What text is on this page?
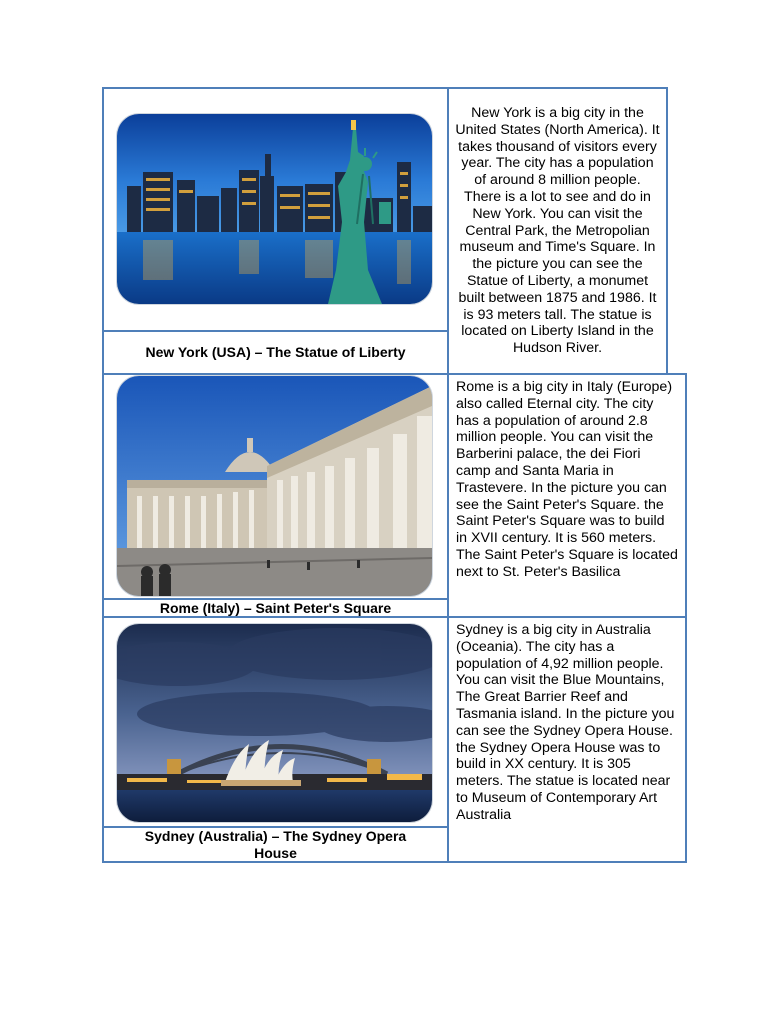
New York (USA) – The Statue of Liberty
New York is a big city in the United States (North America). It takes thousand of visitors every year. The city has a population of around 8 million people. There is a lot to see and do in New York. You can visit the Central Park, the Metropolian museum and Time's Square. In the picture you can see the Statue of Liberty, a monumet built between 1875 and 1986. It is 93 meters tall. The statue is located on Liberty Island in the Hudson River.
Rome (Italy) – Saint Peter's Square
Rome is a big city in Italy (Europe) also called Eternal city. The city has a population of around 2.8 million people. You can visit the Barberini palace, the dei Fiori camp and Santa Maria in Trastevere. In the picture you can see the Saint Peter's Square. the Saint Peter's Square was to build in XVII century. It is 560 meters. The Saint Peter's Square is located next to St. Peter's Basilica
Sydney (Australia) – The Sydney Opera House
Sydney is a big city in Australia (Oceania). The city has a population of 4,92 million people. You can visit the Blue Mountains, The Great Barrier Reef and Tasmania island. In the picture you can see the Sydney Opera House. the Sydney Opera House was to build in XX century. It is 305 meters. The statue is located near to Museum of Contemporary Art Australia
